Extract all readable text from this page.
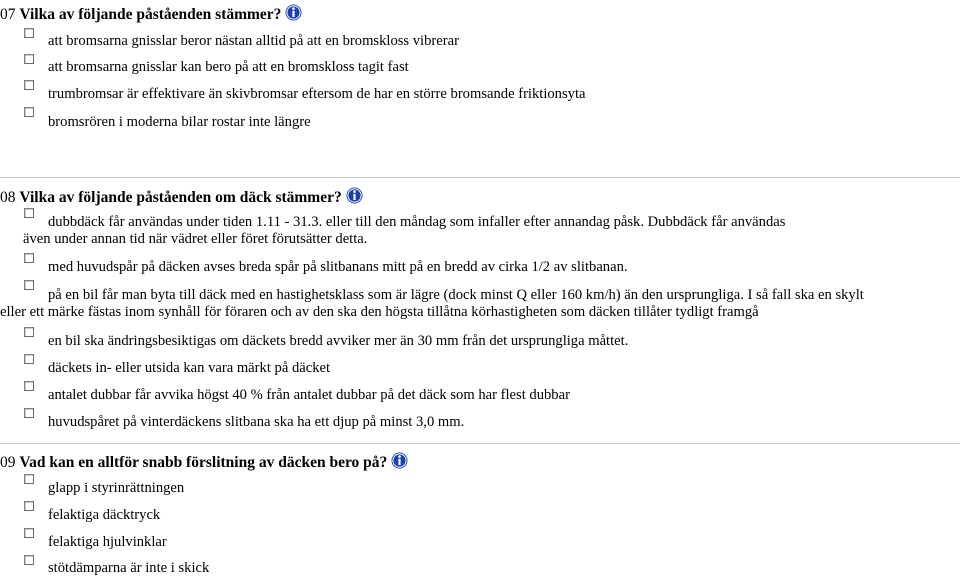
07 Vilka av följande påståenden stämmer?
att bromsarna gnisslar beror nästan alltid på att en bromskloss vibrerar
att bromsarna gnisslar kan bero på att en bromskloss tagit fast
trumbromsar är effektivare än skivbromsar eftersom de har en större bromsande friktionsyta
bromsrören i moderna bilar rostar inte längre
08 Vilka av följande påståenden om däck stämmer?
dubbdäck får användas under tiden 1.11 - 31.3. eller till den måndag som infaller efter annandag påsk. Dubbdäck får användas
även under annan tid när vädret eller föret förutsätter detta.
med huvudspår på däcken avses breda spår på slitbanans mitt på en bredd av cirka 1/2 av slitbanan.
på en bil får man byta till däck med en hastighetsklass som är lägre (dock minst Q eller 160 km/h) än den ursprungliga. I så fall ska en skylt
eller ett märke fästas inom synhåll för föraren och av den ska den högsta tillåtna körhastigheten som däcken tillåter tydligt framgå
en bil ska ändringsbesiktigas om däckets bredd avviker mer än 30 mm från det ursprungliga måttet.
däckets in- eller utsida kan vara märkt på däcket
antalet dubbar får avvika högst 40 % från antalet dubbar på det däck som har flest dubbar
huvudspåret på vinterdäckens slitbana ska ha ett djup på minst 3,0 mm.
09 Vad kan en alltför snabb förslitning av däcken bero på?
glapp i styrinrättningen
felaktiga däcktryck
felaktiga hjulvinklar
stötdämparna är inte i skick
